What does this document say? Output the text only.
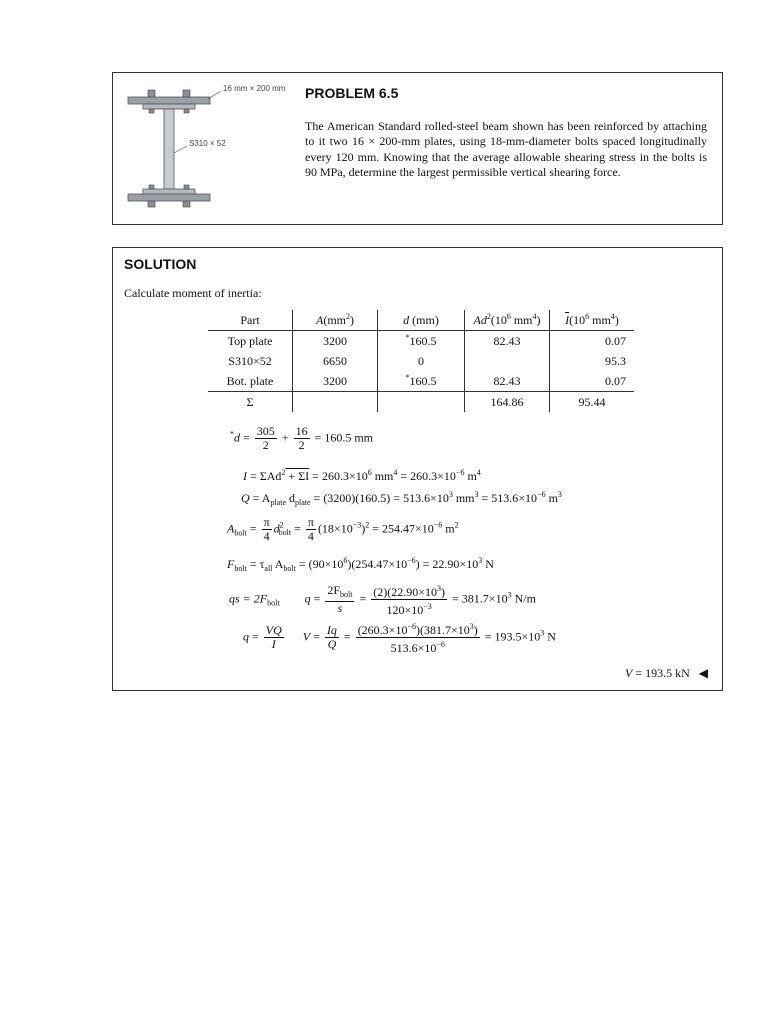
16 mm × 200 mm
S310 × 52
PROBLEM 6.5
The American Standard rolled-steel beam shown has been reinforced by attaching to it two 16 × 200-mm plates, using 18-mm-diameter bolts spaced longitudinally every 120 mm. Knowing that the average allowable shearing stress in the bolts is 90 MPa, determine the largest permissible vertical shearing force.
SOLUTION
Calculate moment of inertia:
Part	$A(mm^2)$	d (mm)	$Ad^2(10^6$ $mm^4$)	$\overline{I}(10^6$ $mm^4$)
Top plate	3200	*160.5	82.43	0.07
S310×52	6650	0		95.3
Bot. plate	3200	*160.5	82.43	0.07
Σ			164.86	95.44
$^*d = \frac{305}{2} + \frac{16}{2} = 160.5$ mm
$I = \Sigma Ad^2 + \Sigma I = 260.3\times 10^6$ $mm^4 = 260.3\times 10^{-6}$ $m^4$
$Q = A_{plate}$ $d_{plate} = (3200)(160.5) = 513.6\times 10^3$ $mm^3 = 513.6\times 10^{-6}$ $m^3$
$A_{bolt} = \frac{\pi}{4} d^2_{bolt} = \frac{\pi}{4} (18\times 10^{-3})^2 = 254.47\times 10^{-6}$ $m^2$
$F_{bolt} = \tau_{all}$ $A_{bolt} = (90\times 10^6)(254.47\times 10^{-6}) = 22.90\times 10^3$ N
qs = $2F_{bolt}$ $q = \frac{2F_{bolt}}{s} = \frac{(2)(22.90\times 10^3)}{120\times 10^{-3}} = 381.7\times 10^3$ N/m
$q = \frac{VQ}{I}$ $V = \frac{Iq}{Q} = \frac{(260.3\times 10^{-6})(381.7\times 10^3)}{513.6\times 10^{-6}} = 193.5\times 10^3$ N
V = 193.5 kN ◀
